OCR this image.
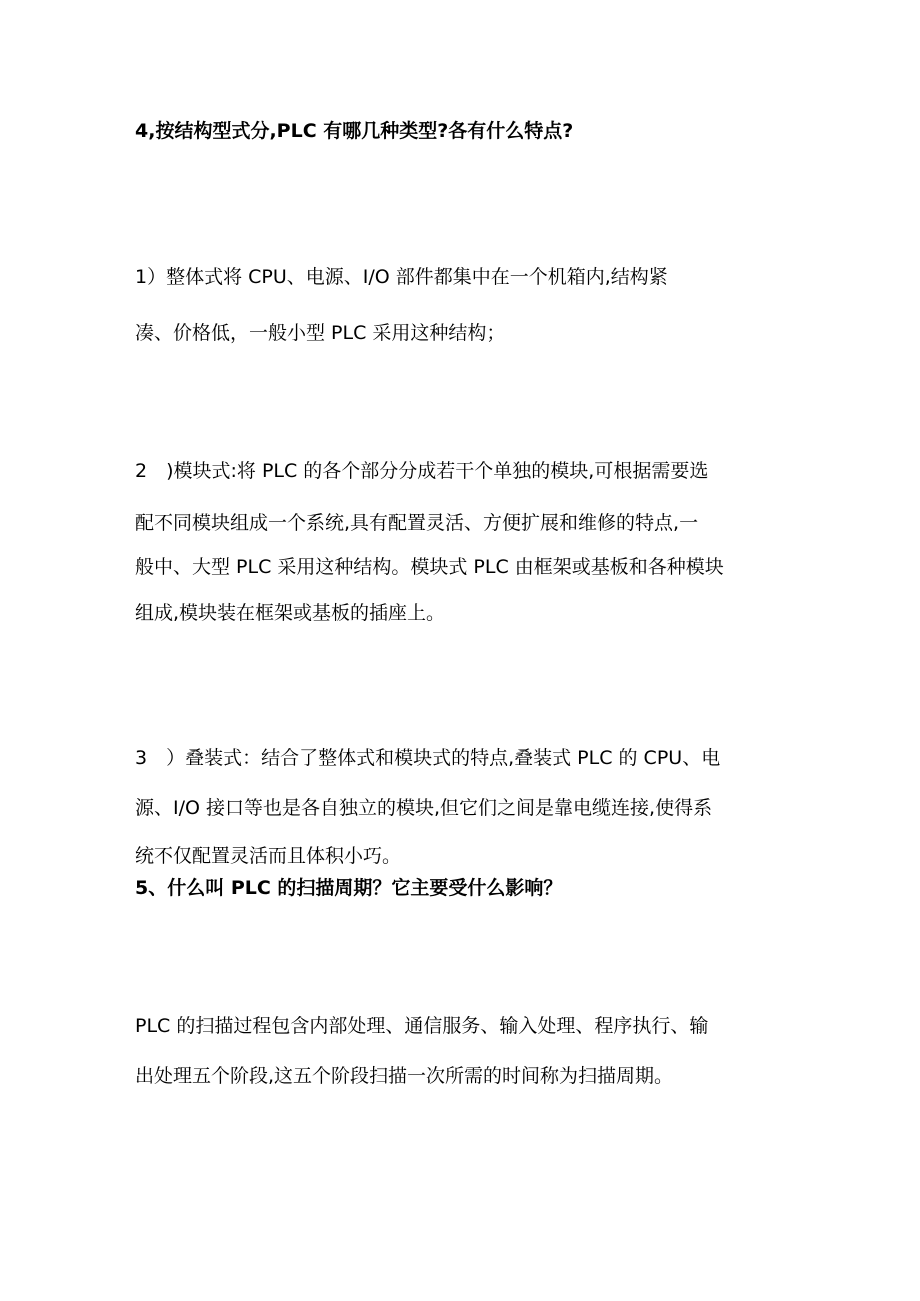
4,按结构型式分,PLC 有哪几种类型?各有什么特点?
1）整体式将 CPU、电源、I/O 部件都集中在一个机箱内,结构紧
凑、价格低，一般小型 PLC 采用这种结构；
2　)模块式:将 PLC 的各个部分分成若干个单独的模块,可根据需要选
配不同模块组成一个系统,具有配置灵活、方便扩展和维修的特点,一
般中、大型 PLC 采用这种结构。模块式 PLC 由框架或基板和各种模块
组成,模块装在框架或基板的插座上。
3　）叠装式：结合了整体式和模块式的特点,叠装式 PLC 的 CPU、电
源、I/O 接口等也是各自独立的模块,但它们之间是靠电缆连接,使得系
统不仅配置灵活而且体积小巧。
5、什么叫 PLC 的扫描周期？它主要受什么影响？
PLC 的扫描过程包含内部处理、通信服务、输入处理、程序执行、输
出处理五个阶段,这五个阶段扫描一次所需的时间称为扫描周期。
